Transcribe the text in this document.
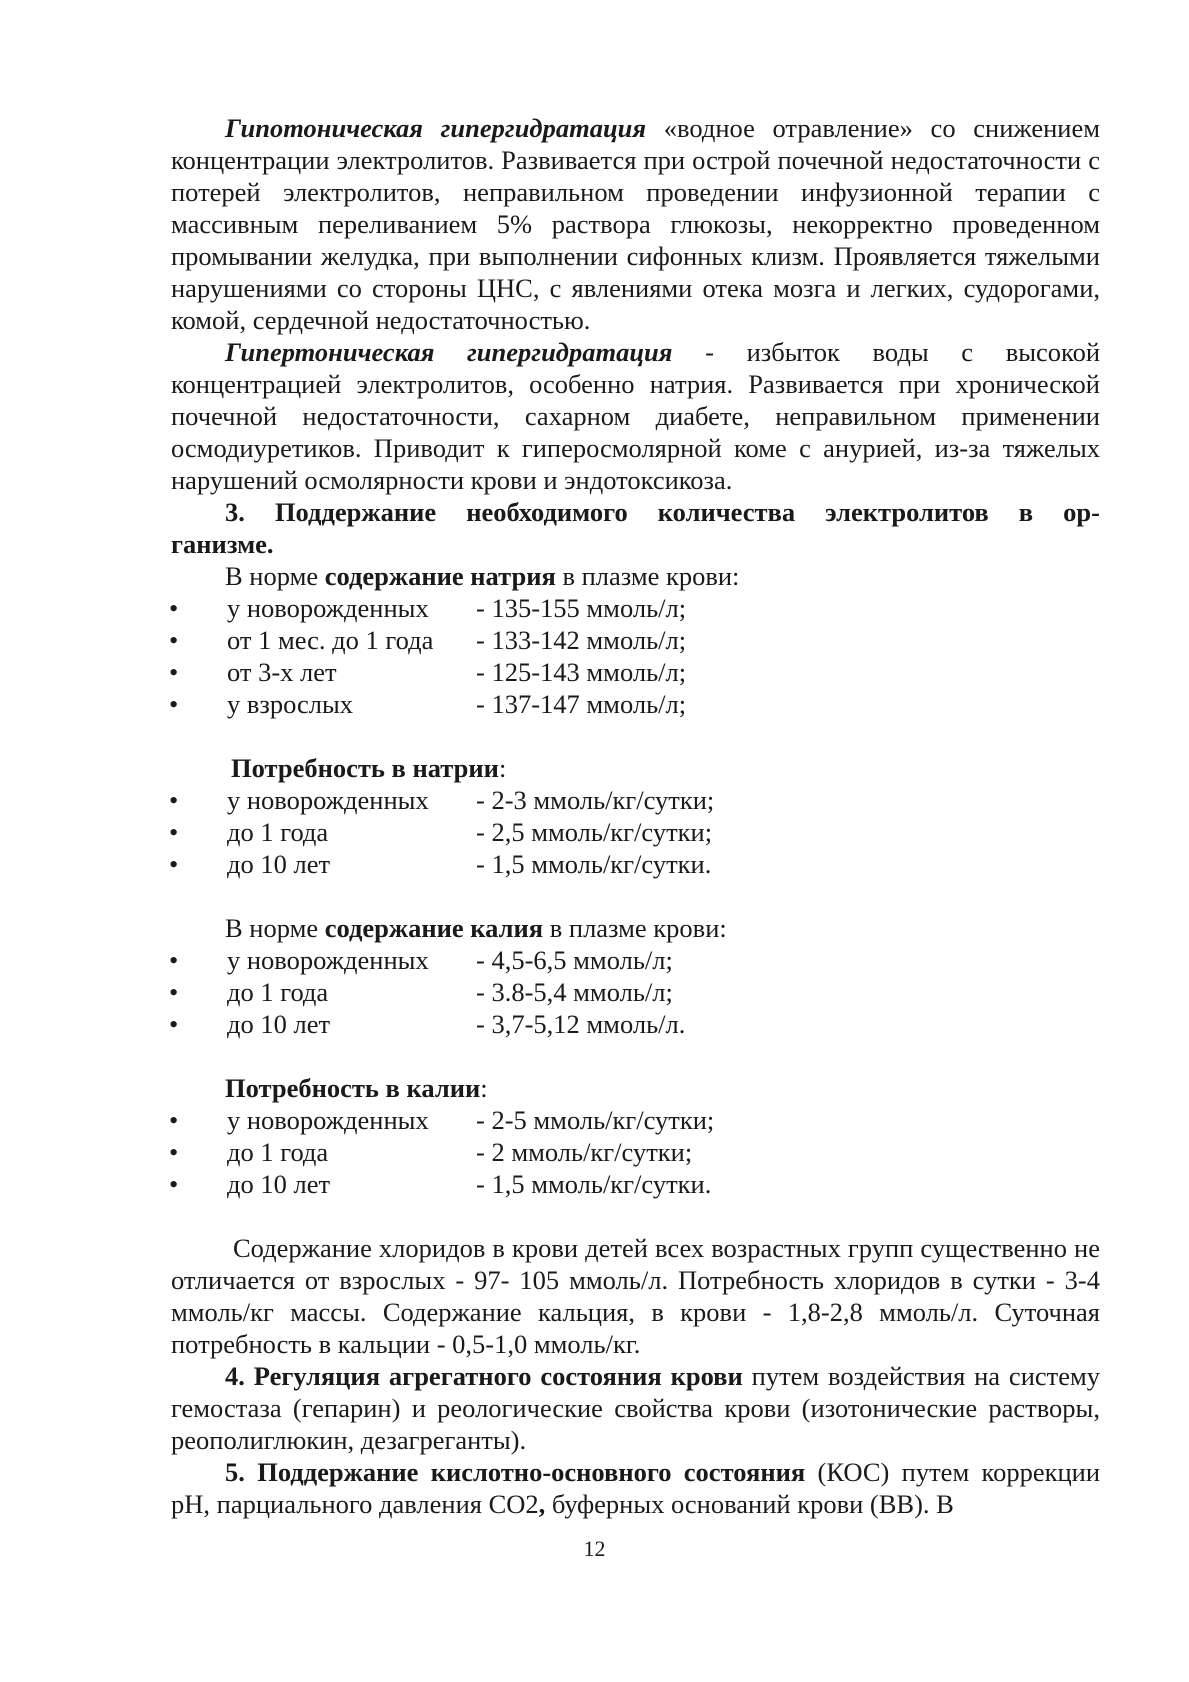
Гипотоническая гипергидратация «водное отравление» со снижением концентрации электролитов. Развивается при острой почечной недостаточности с потерей электролитов, неправильном проведении инфузионной терапии с массивным переливанием 5% раствора глюкозы, некорректно проведенном промывании желудка, при выполнении сифонных клизм. Проявляется тяжелыми нарушениями со стороны ЦНС, с явлениями отека мозга и легких, судорогами, комой, сердечной недостаточностью.

Гипертоническая гипергидратация - избыток воды с высокой концентрацией электролитов, особенно натрия. Развивается при хронической почечной недостаточности, сахарном диабете, неправильном применении осмодиуретиков. Приводит к гиперосмолярной коме с анурией, из-за тяжелых нарушений осмолярности крови и эндотоксикоза.

3. Поддержание необходимого количества электролитов в ор-

ганизме.

В норме содержание натрия в плазме крови:

• у новорожденных - 135-155 ммоль/л;
• от 1 мес. до 1 года - 133-142 ммоль/л;
• от 3-х лет	- 125-143 ммоль/л;
• у взрослых	- 137-147 ммоль/л;

Потребность в натрии:

• у новорожденных - 2-3 ммоль/кг/сутки;
• до 1 года	- 2,5 ммоль/кг/сутки;
• до 10 лет	- 1,5 ммоль/кг/сутки.

В норме содержание калия в плазме крови:

• у новорожденных - 4,5-6,5 ммоль/л;
• до 1 года	- 3.8-5,4 ммоль/л;
• до 10 лет	- 3,7-5,12 ммоль/л.

Потребность в калии:

• у новорожденных - 2-5 ммоль/кг/сутки;
• до 1 года	- 2 ммоль/кг/сутки;
• до 10 лет	- 1,5 ммоль/кг/сутки.

Содержание хлоридов в крови детей всех возрастных групп существенно не отличается от взрослых - 97- 105 ммоль/л. Потребность хлоридов в сутки - 3-4 ммоль/кг массы. Содержание кальция, в крови - 1,8-2,8 ммоль/л. Суточная потребность в кальции - 0,5-1,0 ммоль/кг.

4. Регуляция агрегатного состояния крови путем воздействия на систему гемостаза (гепарин) и реологические свойства крови (изотонические растворы, реополиглюкин, дезагреганты).

5. Поддержание кислотно-основного состояния (КОС) путем коррекции рН, парциального давления СО2, буферных оснований крови (ВВ). В

12
